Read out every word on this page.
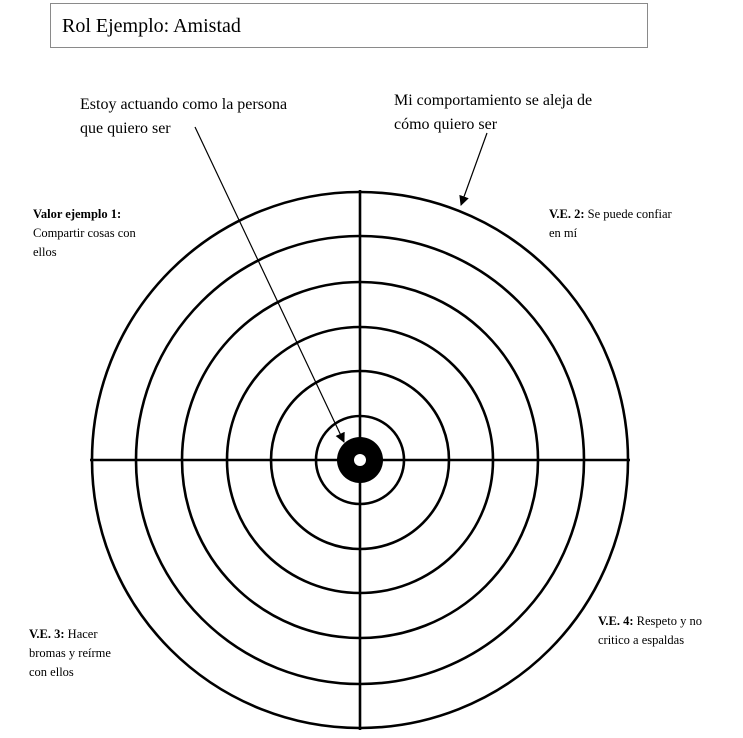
Rol Ejemplo: Amistad
Estoy actuando como la persona
que quiero ser
Mi comportamiento se aleja de
cómo quiero ser
Valor ejemplo 1:
Compartir cosas con
ellos
V.E. 2: Se puede confiar
en mí
V.E. 3: Hacer
bromas y reírme
con ellos
V.E. 4: Respeto y no
critico a espaldas
